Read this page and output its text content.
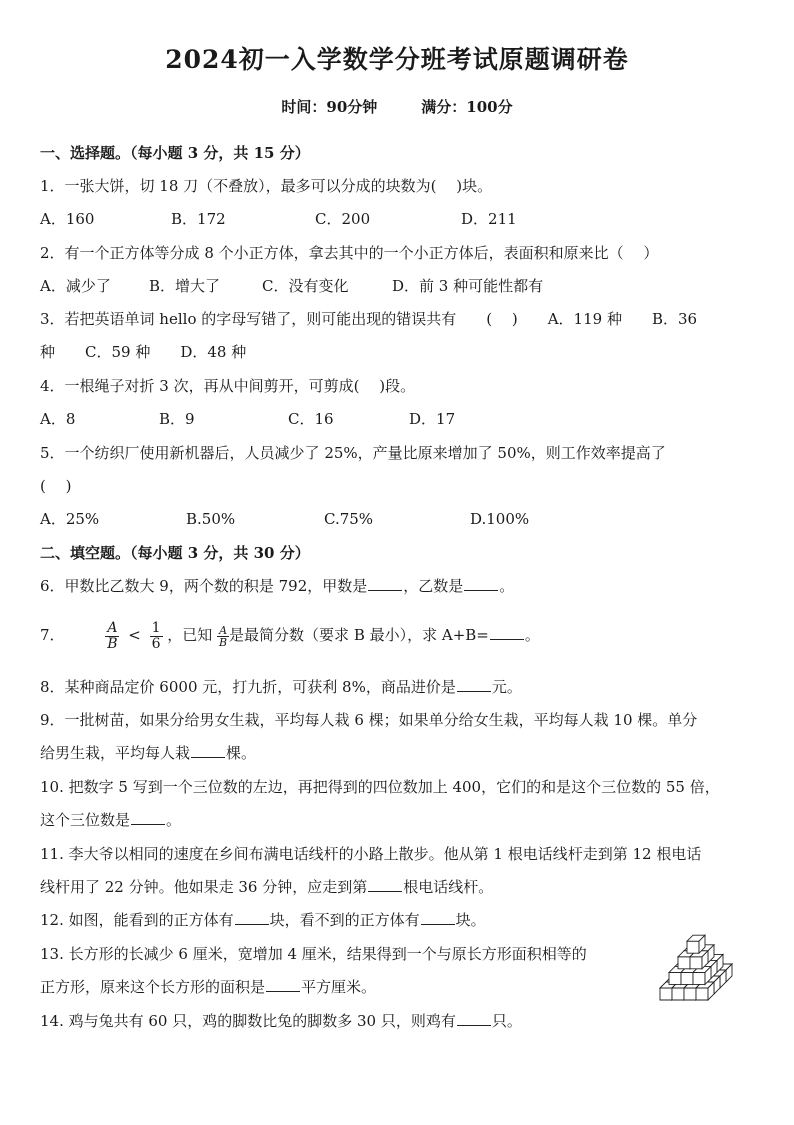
2024初一入学数学分班考试原题调研卷
时间：90分钟	满分：100分
一、选择题。（每小题 3 分，共 15 分）
1．一张大饼，切 18 刀（不叠放），最多可以分成的块数为(　 )块。
A．160	B．172	C．200	D．211
2．有一个正方体等分成 8 个小正方体，拿去其中的一个小正方体后，表面积和原来比（　 ）
A．减少了	B．增大了	C．没有变化	D．前 3 种可能性都有
3．若把英语单词 hello 的字母写错了，则可能出现的错误共有　　(　 )　　A．119 种　　B．36
种　　C．59 种　　D．48 种
4．一根绳子对折 3 次，再从中间剪开，可剪成(　 )段。
A．8	B．9	C．16	D．17
5．一个纺织厂使用新机器后，人员减少了 25%，产量比原来增加了 50%，则工作效率提高了
(　 )
A．25%	B.50%	C.75%	D.100%
二、填空题。（每小题 3 分，共 30 分）
6．甲数比乙数大 9，两个数的积是 792，甲数是 ，乙数是 。
7．	$\frac{A}{B} < \frac{1}{6}$ ，已知 $\frac{A}{B}$ 是最简分数（要求 B 最小），求 A+B= 。
8．某种商品定价 6000 元，打九折，可获利 8%，商品进价是 元。
9．一批树苗，如果分给男女生栽，平均每人栽 6 棵；如果单分给女生栽，平均每人栽 10 棵。单分
给男生栽，平均每人栽 棵。
10. 把数字 5 写到一个三位数的左边，再把得到的四位数加上 400，它们的和是这个三位数的 55 倍，
这个三位数是 。
11. 李大爷以相同的速度在乡间布满电话线杆的小路上散步。他从第 1 根电话线杆走到第 12 根电话
线杆用了 22 分钟。他如果走 36 分钟，应走到第 根电话线杆。
12. 如图，能看到的正方体有 块，看不到的正方体有 块。
13. 长方形的长减少 6 厘米，宽增加 4 厘米，结果得到一个与原长方形面积相等的
正方形，原来这个长方形的面积是 平方厘米。
14. 鸡与兔共有 60 只，鸡的脚数比兔的脚数多 30 只，则鸡有 只。
